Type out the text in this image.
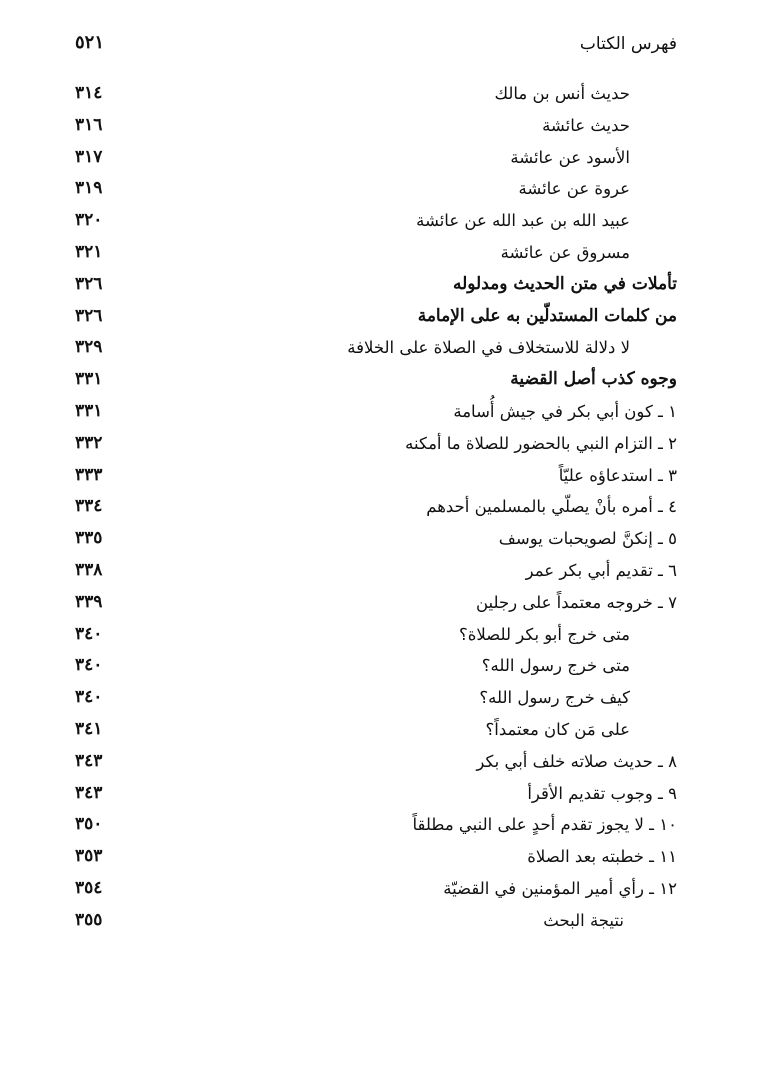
فهرس الكتاب
٥٢١
حديث أنس بن مالك
٣١٤
حديث عائشة
٣١٦
الأسود عن عائشة
٣١٧
عروة عن عائشة
٣١٩
عبيد الله بن عبد الله عن عائشة
٣٢٠
مسروق عن عائشة
٣٢١
تأملات في متن الحديث ومدلوله
٣٢٦
من كلمات المستدلّين به على الإمامة
٣٢٦
لا دلالة للاستخلاف في الصلاة على الخلافة
٣٢٩
وجوه كذب أصل القضية
٣٣١
١ ـ كون أبي بكر في جيش أُسامة
٣٣١
٢ ـ التزام النبي بالحضور للصلاة ما أمكنه
٣٣٢
٣ ـ استدعاؤه عليّاً
٣٣٣
٤ ـ أمره بأنْ يصلّي بالمسلمين أحدهم
٣٣٤
٥ ـ إنكنَّ لصويحبات يوسف
٣٣٥
٦ ـ تقديم أبي بكر عمر
٣٣٨
٧ ـ خروجه معتمداً على رجلين
٣٣٩
متى خرج أبو بكر للصلاة؟
٣٤٠
متى خرج رسول الله؟
٣٤٠
كيف خرج رسول الله؟
٣٤٠
على مَن كان معتمداً؟
٣٤١
٨ ـ حديث صلاته خلف أبي بكر
٣٤٣
٩ ـ وجوب تقديم الأقرأ
٣٤٣
١٠ ـ لا يجوز تقدم أحدٍ على النبي مطلقاً
٣٥٠
١١ ـ خطبته بعد الصلاة
٣٥٣
١٢ ـ رأي أمير المؤمنين في القضيّة
٣٥٤
نتيجة البحث
٣٥٥
